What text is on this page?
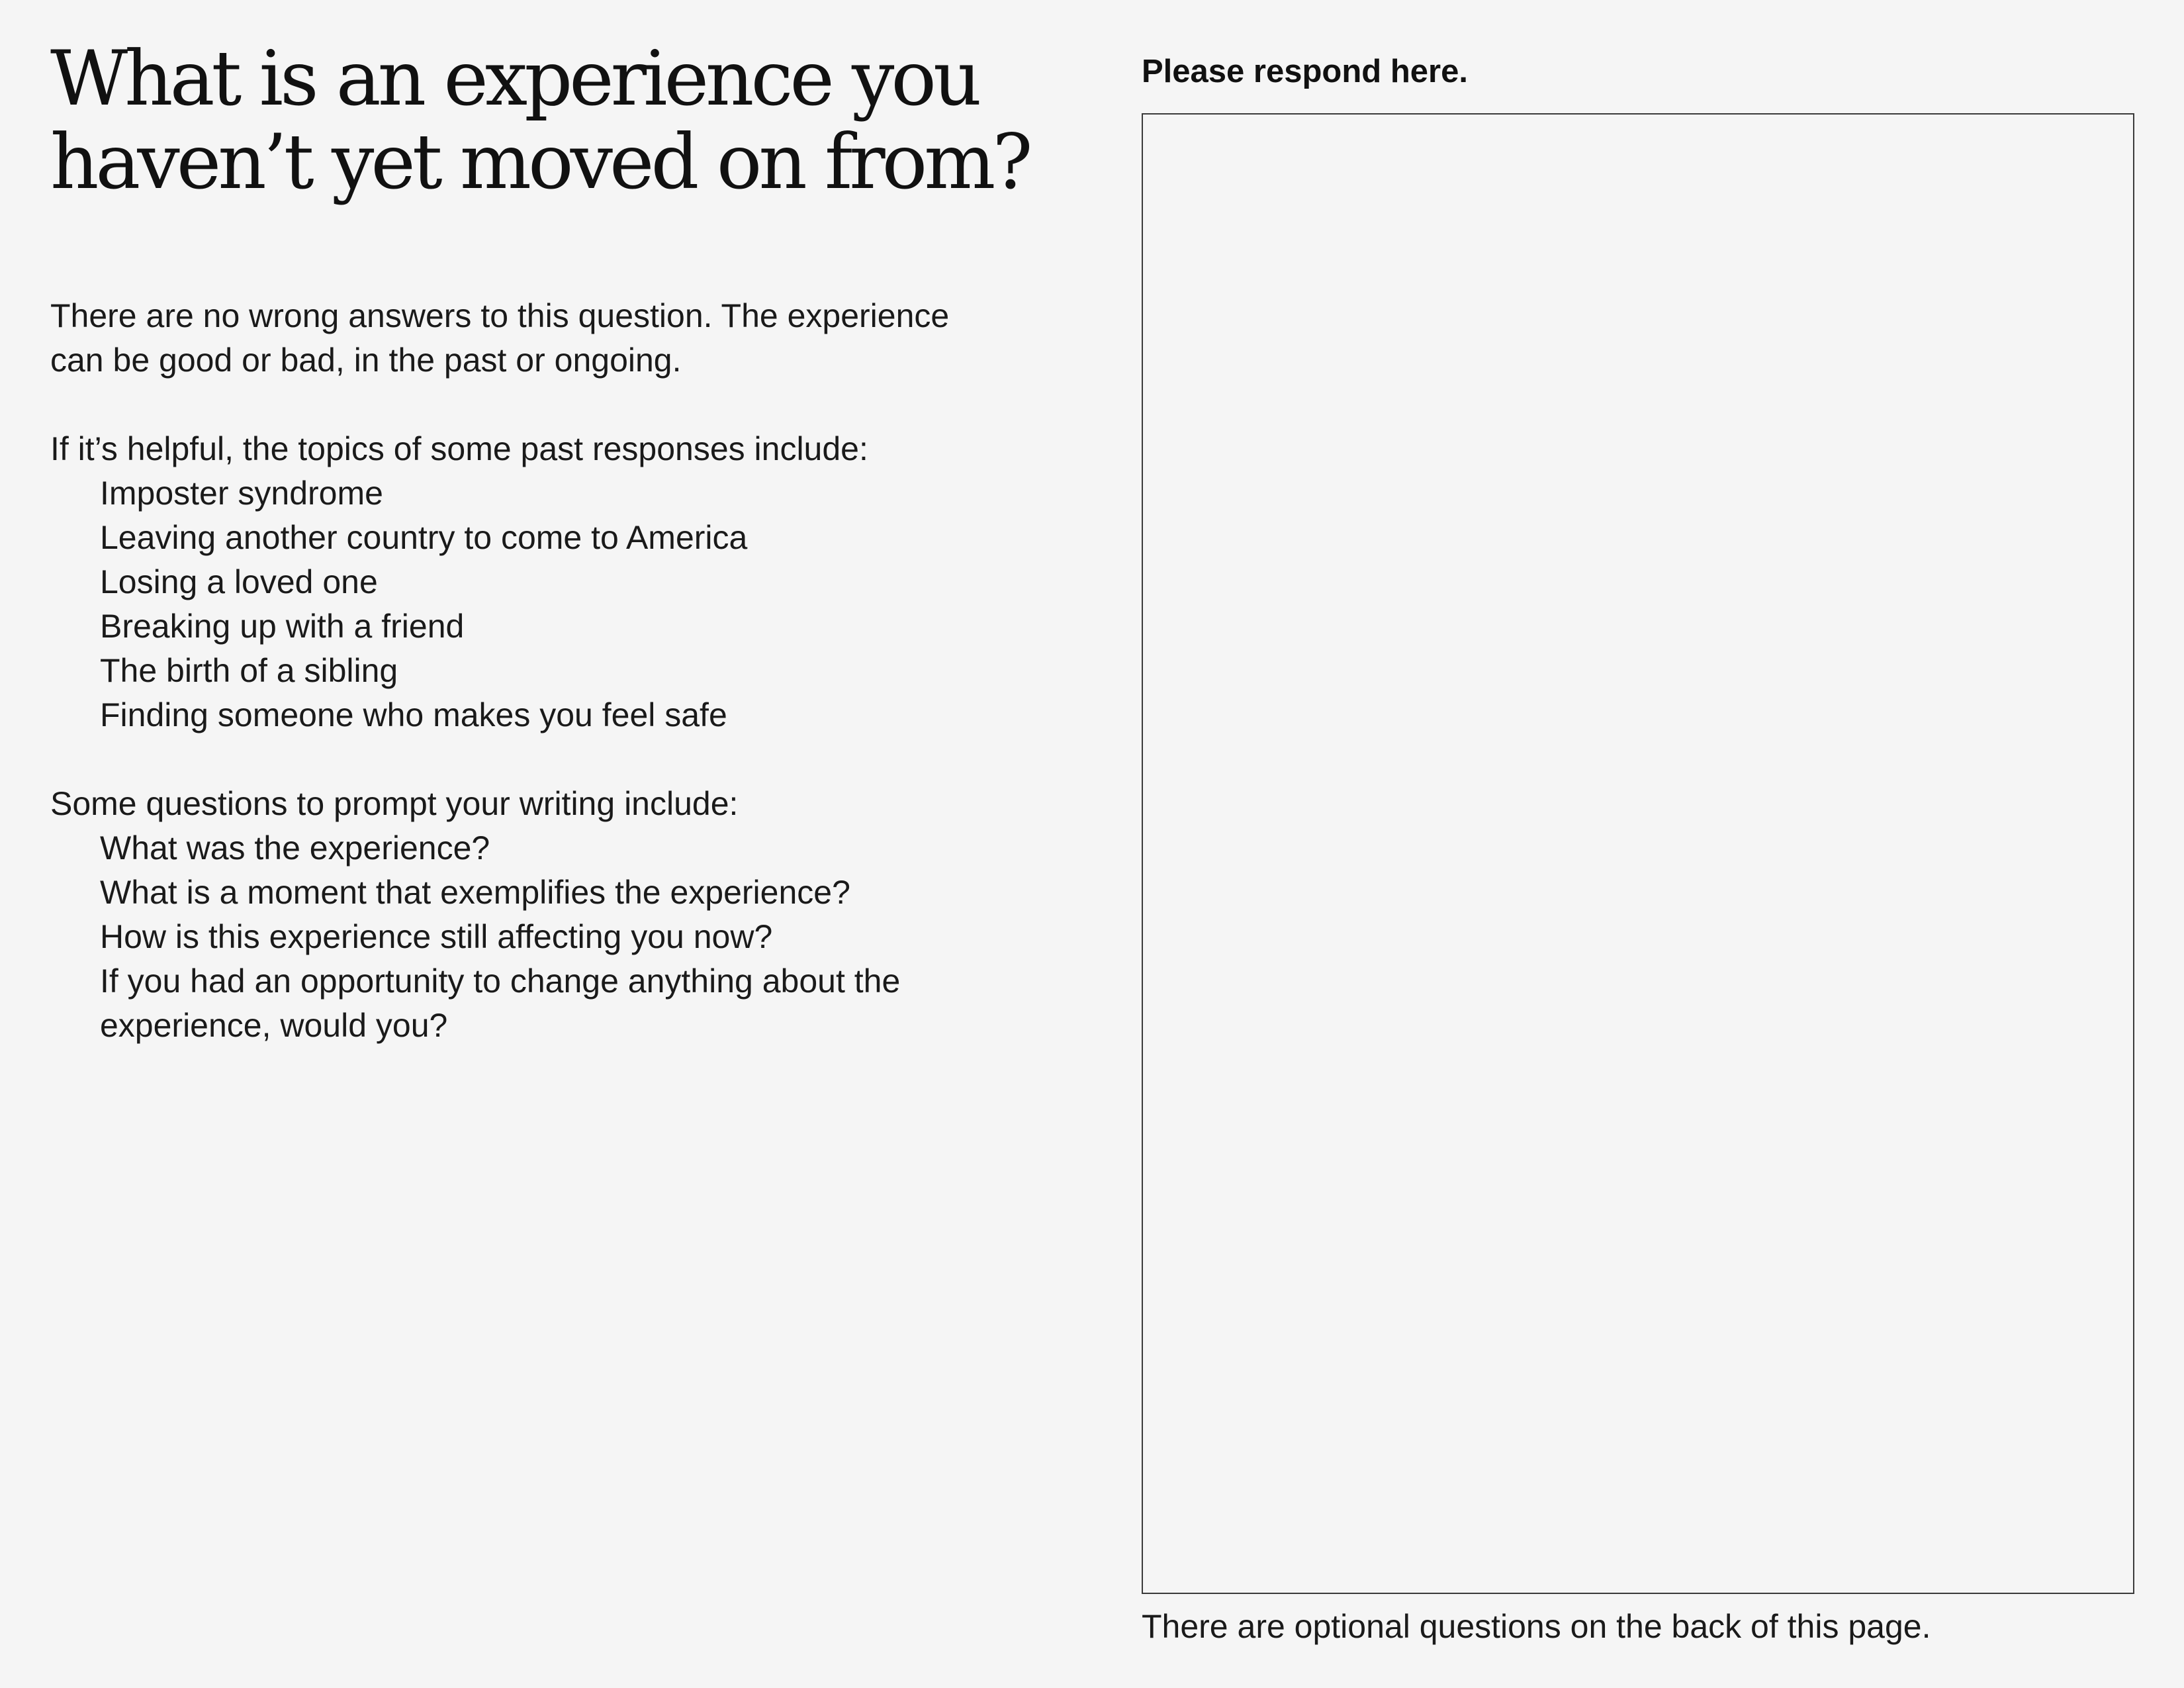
What is an experience you
haven’t yet moved on from?
There are no wrong answers to this question. The experience
can be good or bad, in the past or ongoing.
If it’s helpful, the topics of some past responses include:
Imposter syndrome
Leaving another country to come to America
Losing a loved one
Breaking up with a friend
The birth of a sibling
Finding someone who makes you feel safe
Some questions to prompt your writing include:
What was the experience?
What is a moment that exemplifies the experience?
How is this experience still affecting you now?
If you had an opportunity to change anything about the
experience, would you?
Please respond here.
There are optional questions on the back of this page.
